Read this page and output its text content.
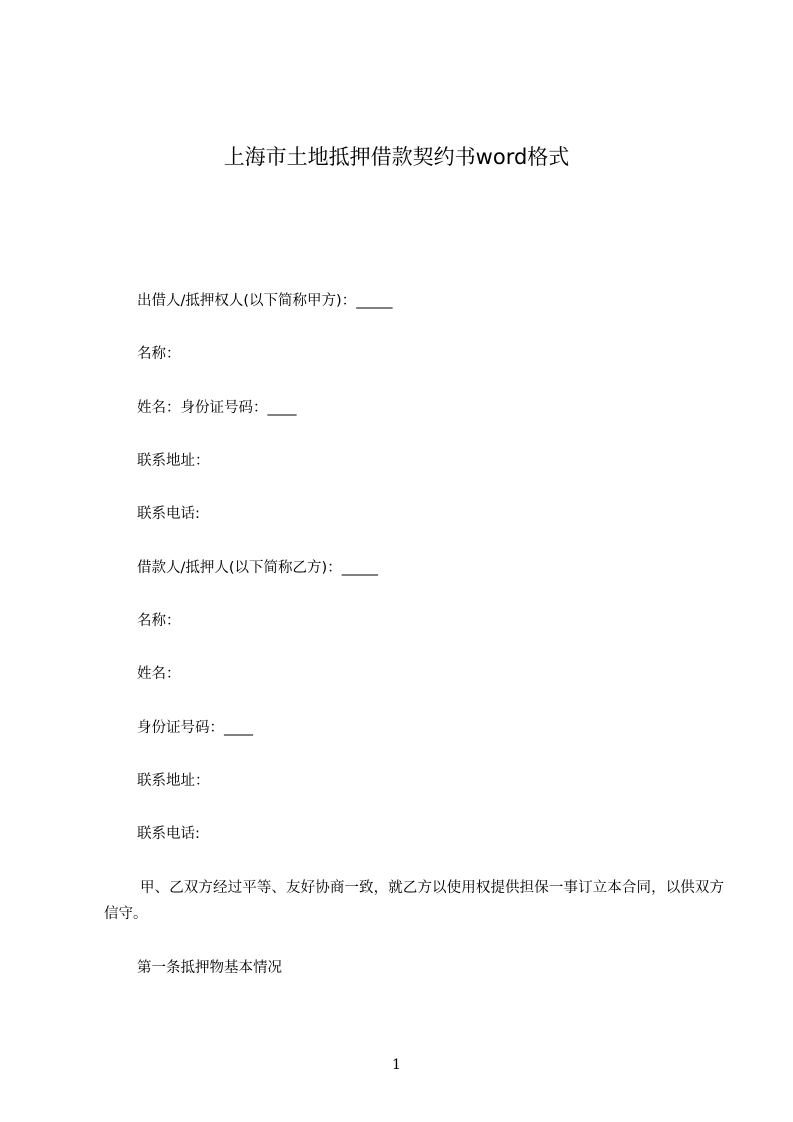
上海市土地抵押借款契约书word格式
出借人/抵押权人(以下简称甲方)：_____
名称：
姓名：身份证号码：____
联系地址：
联系电话:
借款人/抵押人(以下简称乙方)：_____
名称：
姓名：
身份证号码：____
联系地址：
联系电话:
甲、乙双方经过平等、友好协商一致，就乙方以使用权提供担保一事订立本合同，以供双方信守。
第一条抵押物基本情况
1
